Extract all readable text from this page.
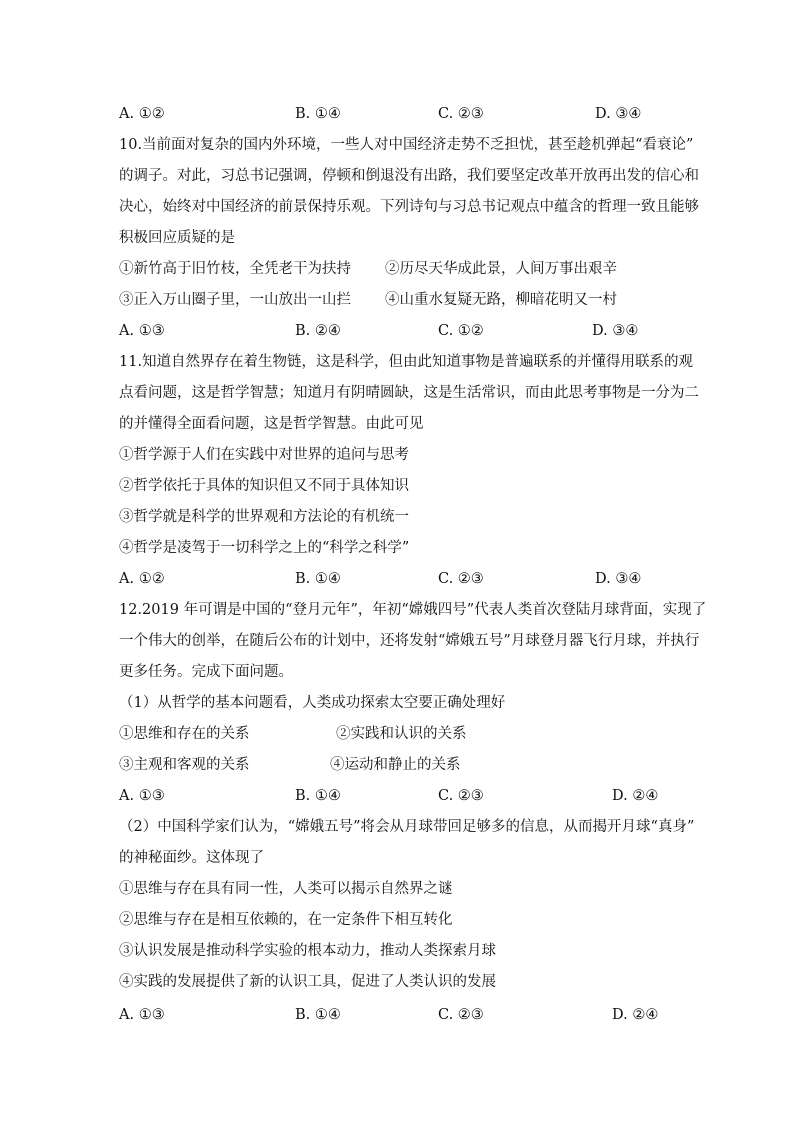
A. ①②	B. ①④	C. ②③	D. ③④
10.当前面对复杂的国内外环境，一些人对中国经济走势不乏担忧，甚至趁机弹起“看衰论”
的调子。对此，习总书记强调，停顿和倒退没有出路，我们要坚定改革开放再出发的信心和
决心，始终对中国经济的前景保持乐观。下列诗句与习总书记观点中蕴含的哲理一致且能够
积极回应质疑的是
①新竹高于旧竹枝，全凭老干为扶持 ②历尽天华成此景，人间万事出艰辛
③正入万山圈子里，一山放出一山拦 ④山重水复疑无路，柳暗花明又一村
A. ①③	B. ②④	C. ①②	D. ③④
11.知道自然界存在着生物链，这是科学，但由此知道事物是普遍联系的并懂得用联系的观
点看问题，这是哲学智慧；知道月有阴晴圆缺，这是生活常识，而由此思考事物是一分为二
的并懂得全面看问题，这是哲学智慧。由此可见
①哲学源于人们在实践中对世界的追问与思考
②哲学依托于具体的知识但又不同于具体知识
③哲学就是科学的世界观和方法论的有机统一
④哲学是凌驾于一切科学之上的“科学之科学”
A. ①②	B. ①④	C. ②③	D. ③④
12.2019 年可谓是中国的“登月元年”，年初“嫦娥四号”代表人类首次登陆月球背面，实现了
一个伟大的创举，在随后公布的计划中，还将发射“嫦娥五号”月球登月器飞行月球，并执行
更多任务。完成下面问题。
（1）从哲学的基本问题看，人类成功探索太空要正确处理好
①思维和存在的关系	②实践和认识的关系
③主观和客观的关系	④运动和静止的关系
A. ①③	B. ①④	C. ②③	D. ②④
（2）中国科学家们认为，“嫦娥五号”将会从月球带回足够多的信息，从而揭开月球“真身”
的神秘面纱。这体现了
①思维与存在具有同一性，人类可以揭示自然界之谜
②思维与存在是相互依赖的，在一定条件下相互转化
③认识发展是推动科学实验的根本动力，推动人类探索月球
④实践的发展提供了新的认识工具，促进了人类认识的发展
A. ①③	B. ①④	C. ②③	D. ②④
